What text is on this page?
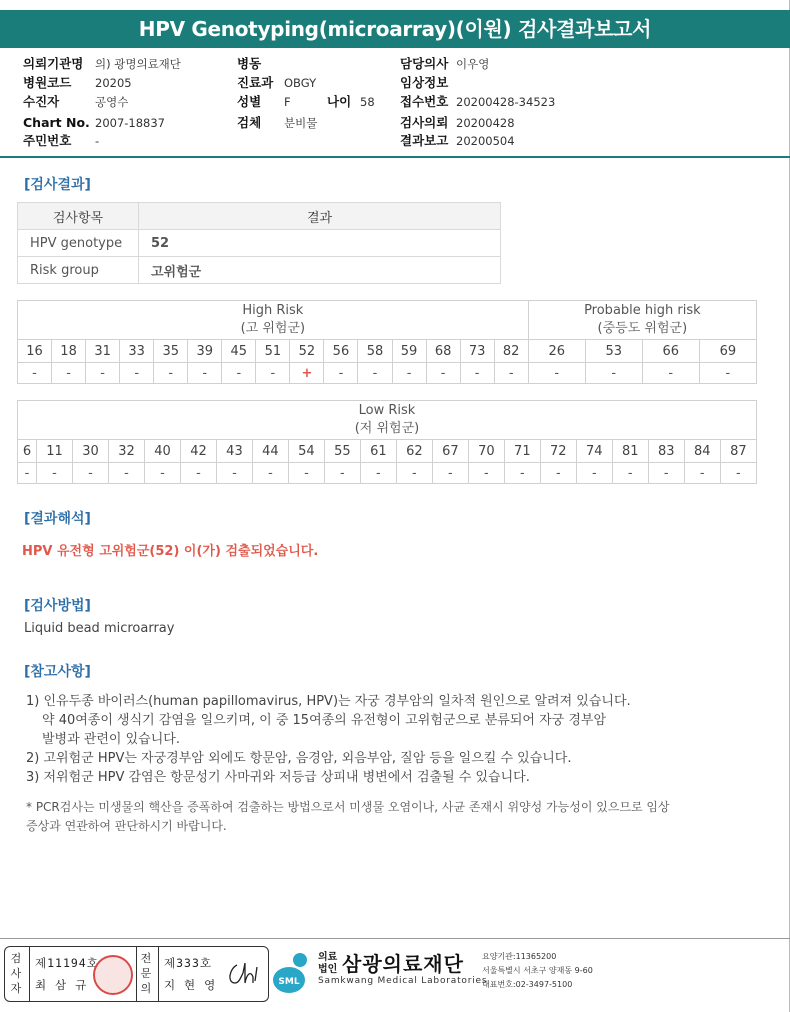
HPV Genotyping(microarray)(이원) 검사결과보고서
의뢰기관명 의) 광명의료재단	병동	담당의사 이우영
병원코드 20205	진료과 OBGY	임상정보
수진자	공영수	성별 F	나이 58 접수번호 20200428-34523
Chart No. 2007-18837	검체 분비물	검사의뢰 20200428
주민번호 -	결과보고 20200504
[검사결과]
검사항목	결과
HPV genotype	52
Risk group	고위험군
High Risk
(고 위험군)															Probable high risk
(중등도 위험군)			
16	18	31	33	35	39	45	51	52	56	58	59	68	73	82	26	53	66	69
-	-	-	-	-	-	-	-	+	-	-	-	-	-	-	-	-	-	-
Low Risk
(저 위험군)																				
6	11	30	32	40	42	43	44	54	55	61	62	67	70	71	72	74	81	83	84	87
-	-	-	-	-	-	-	-	-	-	-	-	-	-	-	-	-	-	-	-	-
[결과해석]
HPV 유전형 고위험군(52) 이(가) 검출되었습니다.
[검사방법]
Liquid bead microarray
[참고사항]
1) 인유두종 바이러스(human papillomavirus, HPV)는 자궁 경부암의 일차적 원인으로 알려져 있습니다.
약 40여종이 생식기 감염을 일으키며, 이 중 15여종의 유전형이 고위험군으로 분류되어 자궁 경부암
발병과 관련이 있습니다.
2) 고위험군 HPV는 자궁경부암 외에도 항문암, 음경암, 외음부암, 질암 등을 일으킬 수 있습니다.
3) 저위험군 HPV 감염은 항문성기 사마귀와 저등급 상피내 병변에서 검출될 수 있습니다.
* PCR검사는 미생물의 핵산을 증폭하여 검출하는 방법으로서 미생물 오염이나, 사균 존재시 위양성 가능성이 있으므로 임상
증상과 연관하여 판단하시기 바랍니다.
검
사
자
제11194호
최 삼 규
전
문
의
제333호
지 현 영	SML
의료
법인 삼광의료재단
Samkwang Medical Laboratories
요양기관:11365200
서울특별시 서초구 양재동 9-60
대표번호:02-3497-5100
